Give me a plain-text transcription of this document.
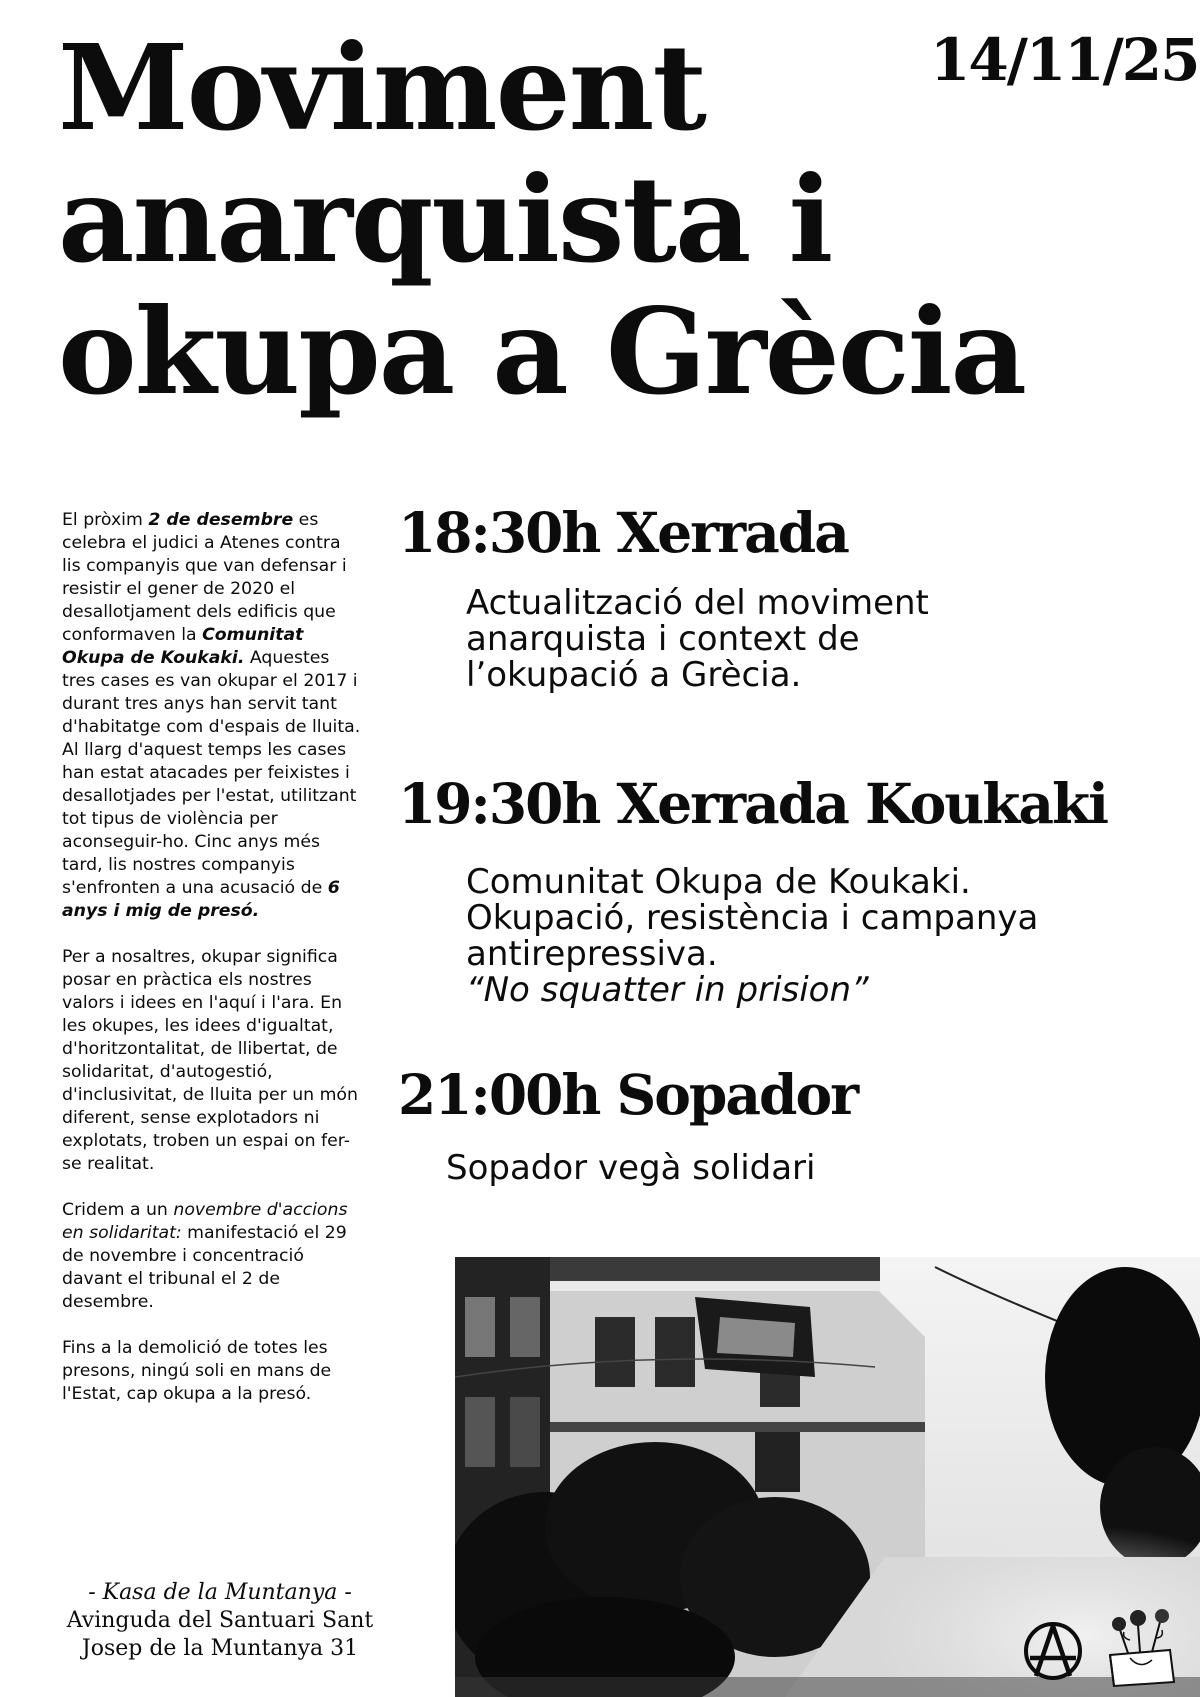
Moviment
anarquista i
okupa a Grècia
14/11/25

El pròxim 2 de desembre es celebra el judici a Atenes contra lis companyis que van defensar i resistir el gener de 2020 el desallotjament dels edificis que conformaven la Comunitat Okupa de Koukaki. Aquestes tres cases es van okupar el 2017 i durant tres anys han servit tant d'habitatge com d'espais de lluita. Al llarg d'aquest temps les cases han estat atacades per feixistes i desallotjades per l'estat, utilitzant tot tipus de violència per aconseguir-ho. Cinc anys més tard, lis nostres companyis s'enfronten a una acusació de 6 anys i mig de presó.

Per a nosaltres, okupar significa posar en pràctica els nostres valors i idees en l'aquí i l'ara. En les okupes, les idees d'igualtat, d'horitzontalitat, de llibertat, de solidaritat, d'autogestió, d'inclusivitat, de lluita per un món diferent, sense explotadors ni explotats, troben un espai on fer-se realitat.

Cridem a un novembre d'accions en solidaritat: manifestació el 29 de novembre i concentració davant el tribunal el 2 de desembre.

Fins a la demolició de totes les presons, ningú soli en mans de l'Estat, cap okupa a la presó.

- Kasa de la Muntanya -
Avinguda del Santuari Sant
Josep de la Muntanya 31
18:30h Xerrada
Actualització del moviment
anarquista i context de
l’okupació a Grècia.
19:30h Xerrada Koukaki
Comunitat Okupa de Koukaki.
Okupació, resistència i campanya
antirepressiva.
“No squatter in prision”
21:00h Sopador
Sopador vegà solidari
